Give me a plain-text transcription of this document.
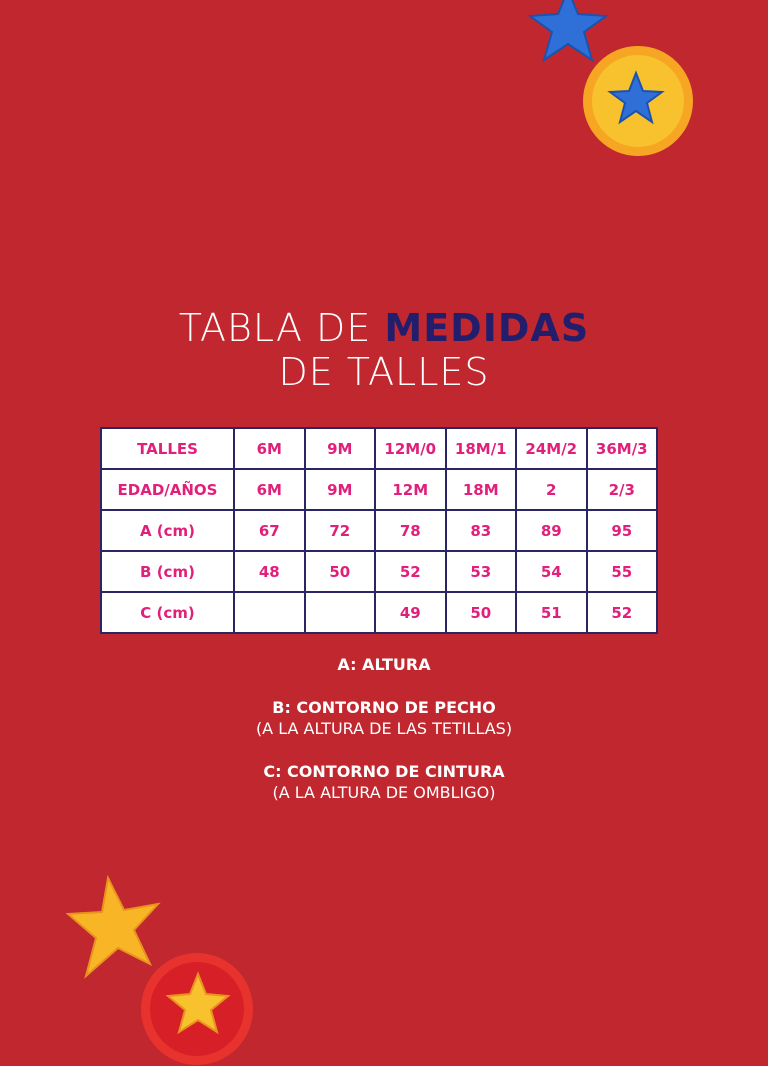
TABLA DE MEDIDAS
DE TALLES
TALLES	6M	9M	12M/0	18M/1	24M/2	36M/3
EDAD/AÑOS	6M	9M	12M	18M	2	2/3
A (cm)	67	72	78	83	89	95
B (cm)	48	50	52	53	54	55
C (cm)			49	50	51	52
A: ALTURA
B: CONTORNO DE PECHO
(A LA ALTURA DE LAS TETILLAS)
C: CONTORNO DE CINTURA
(A LA ALTURA DE OMBLIGO)
